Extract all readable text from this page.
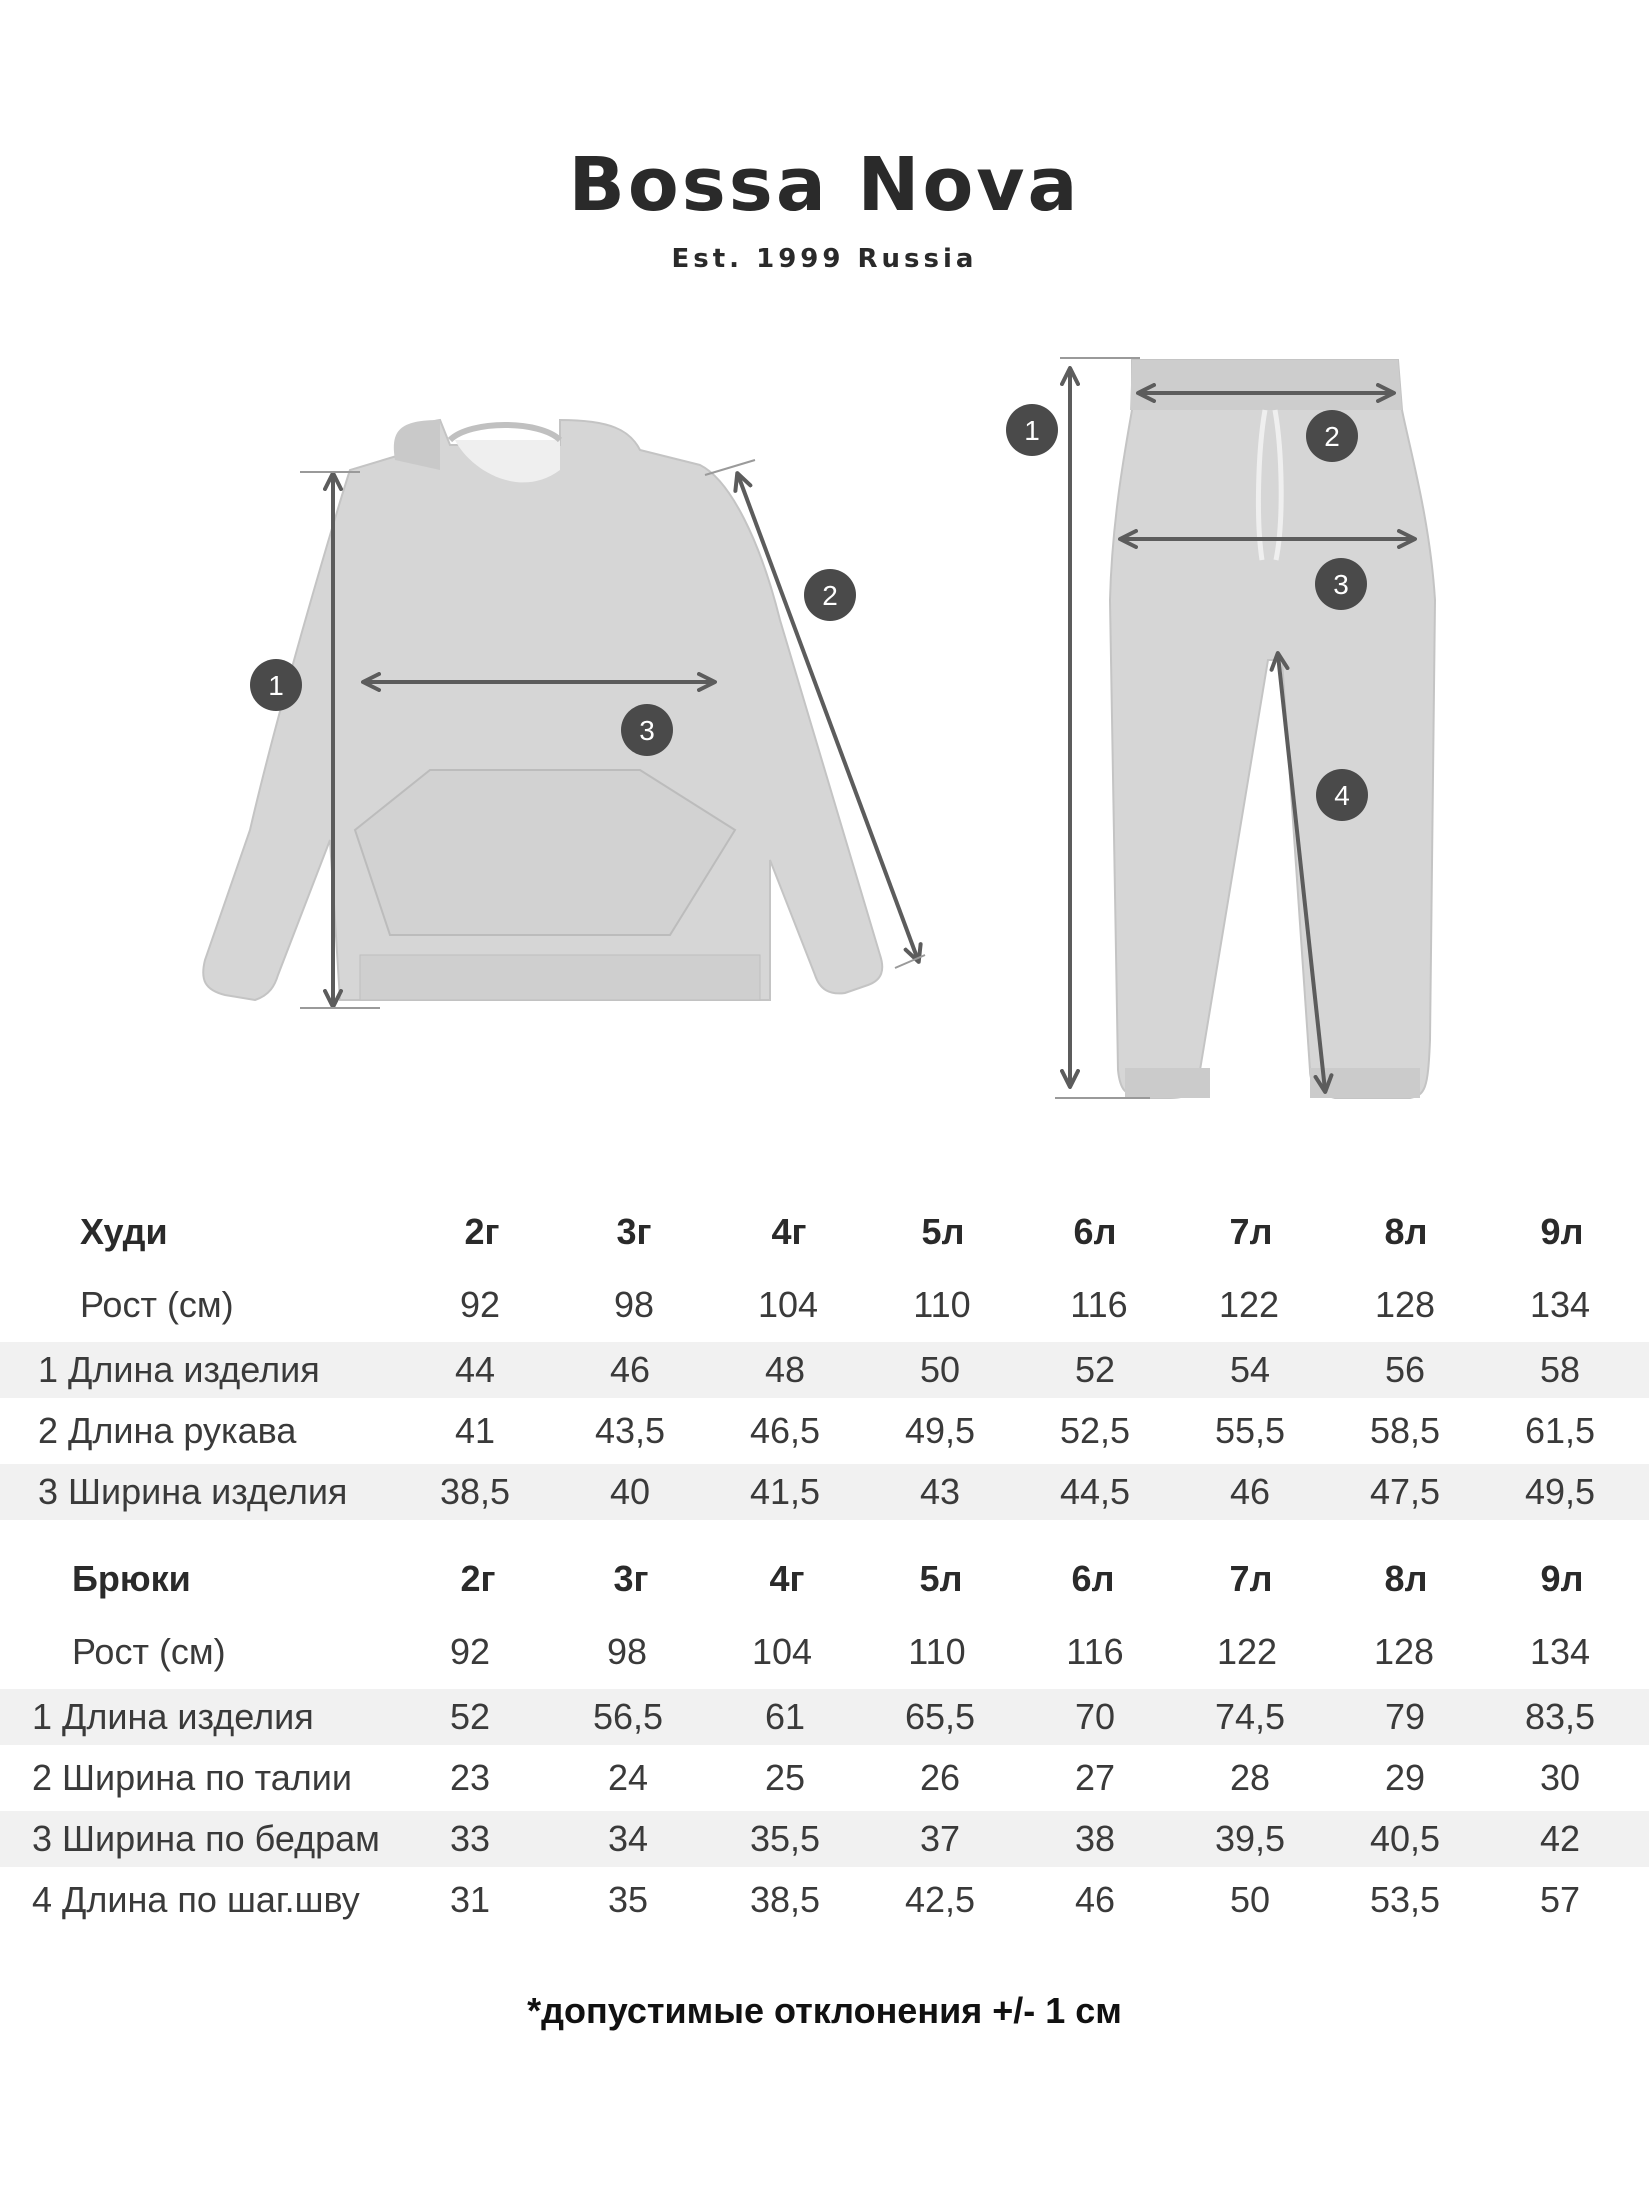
Bossa Nova
Est. 1999 Russia
1
2
3
1	2
3
4
Худи	2г	3г	4г	5л	6л	7л	8л	9л
Рост (см)	92	98	104	110	116	122	128	134
1 Длина изделия	44	46	48	50	52	54	56	58
2 Длина рукава	41	43,5 46,5 49,5 52,5 55,5 58,5 61,5
3 Ширина изделия	38,5	40	41,5	43	44,5	46	47,5 49,5
Брюки	2г	3г	4г	5л	6л	7л	8л	9л
Рост (см)	92	98	104	110	116	122	128	134
1 Длина изделия	52	56,5	61	65,5	70	74,5	79	83,5
2 Ширина по талии	23	24	25	26	27	28	29	30
3 Ширина по бедрам 33	34	35,5	37	38	39,5 40,5	42
4 Длина по шаг.шву	31	35	38,5 42,5	46	50	53,5	57
*допустимые отклонения +/- 1 см
